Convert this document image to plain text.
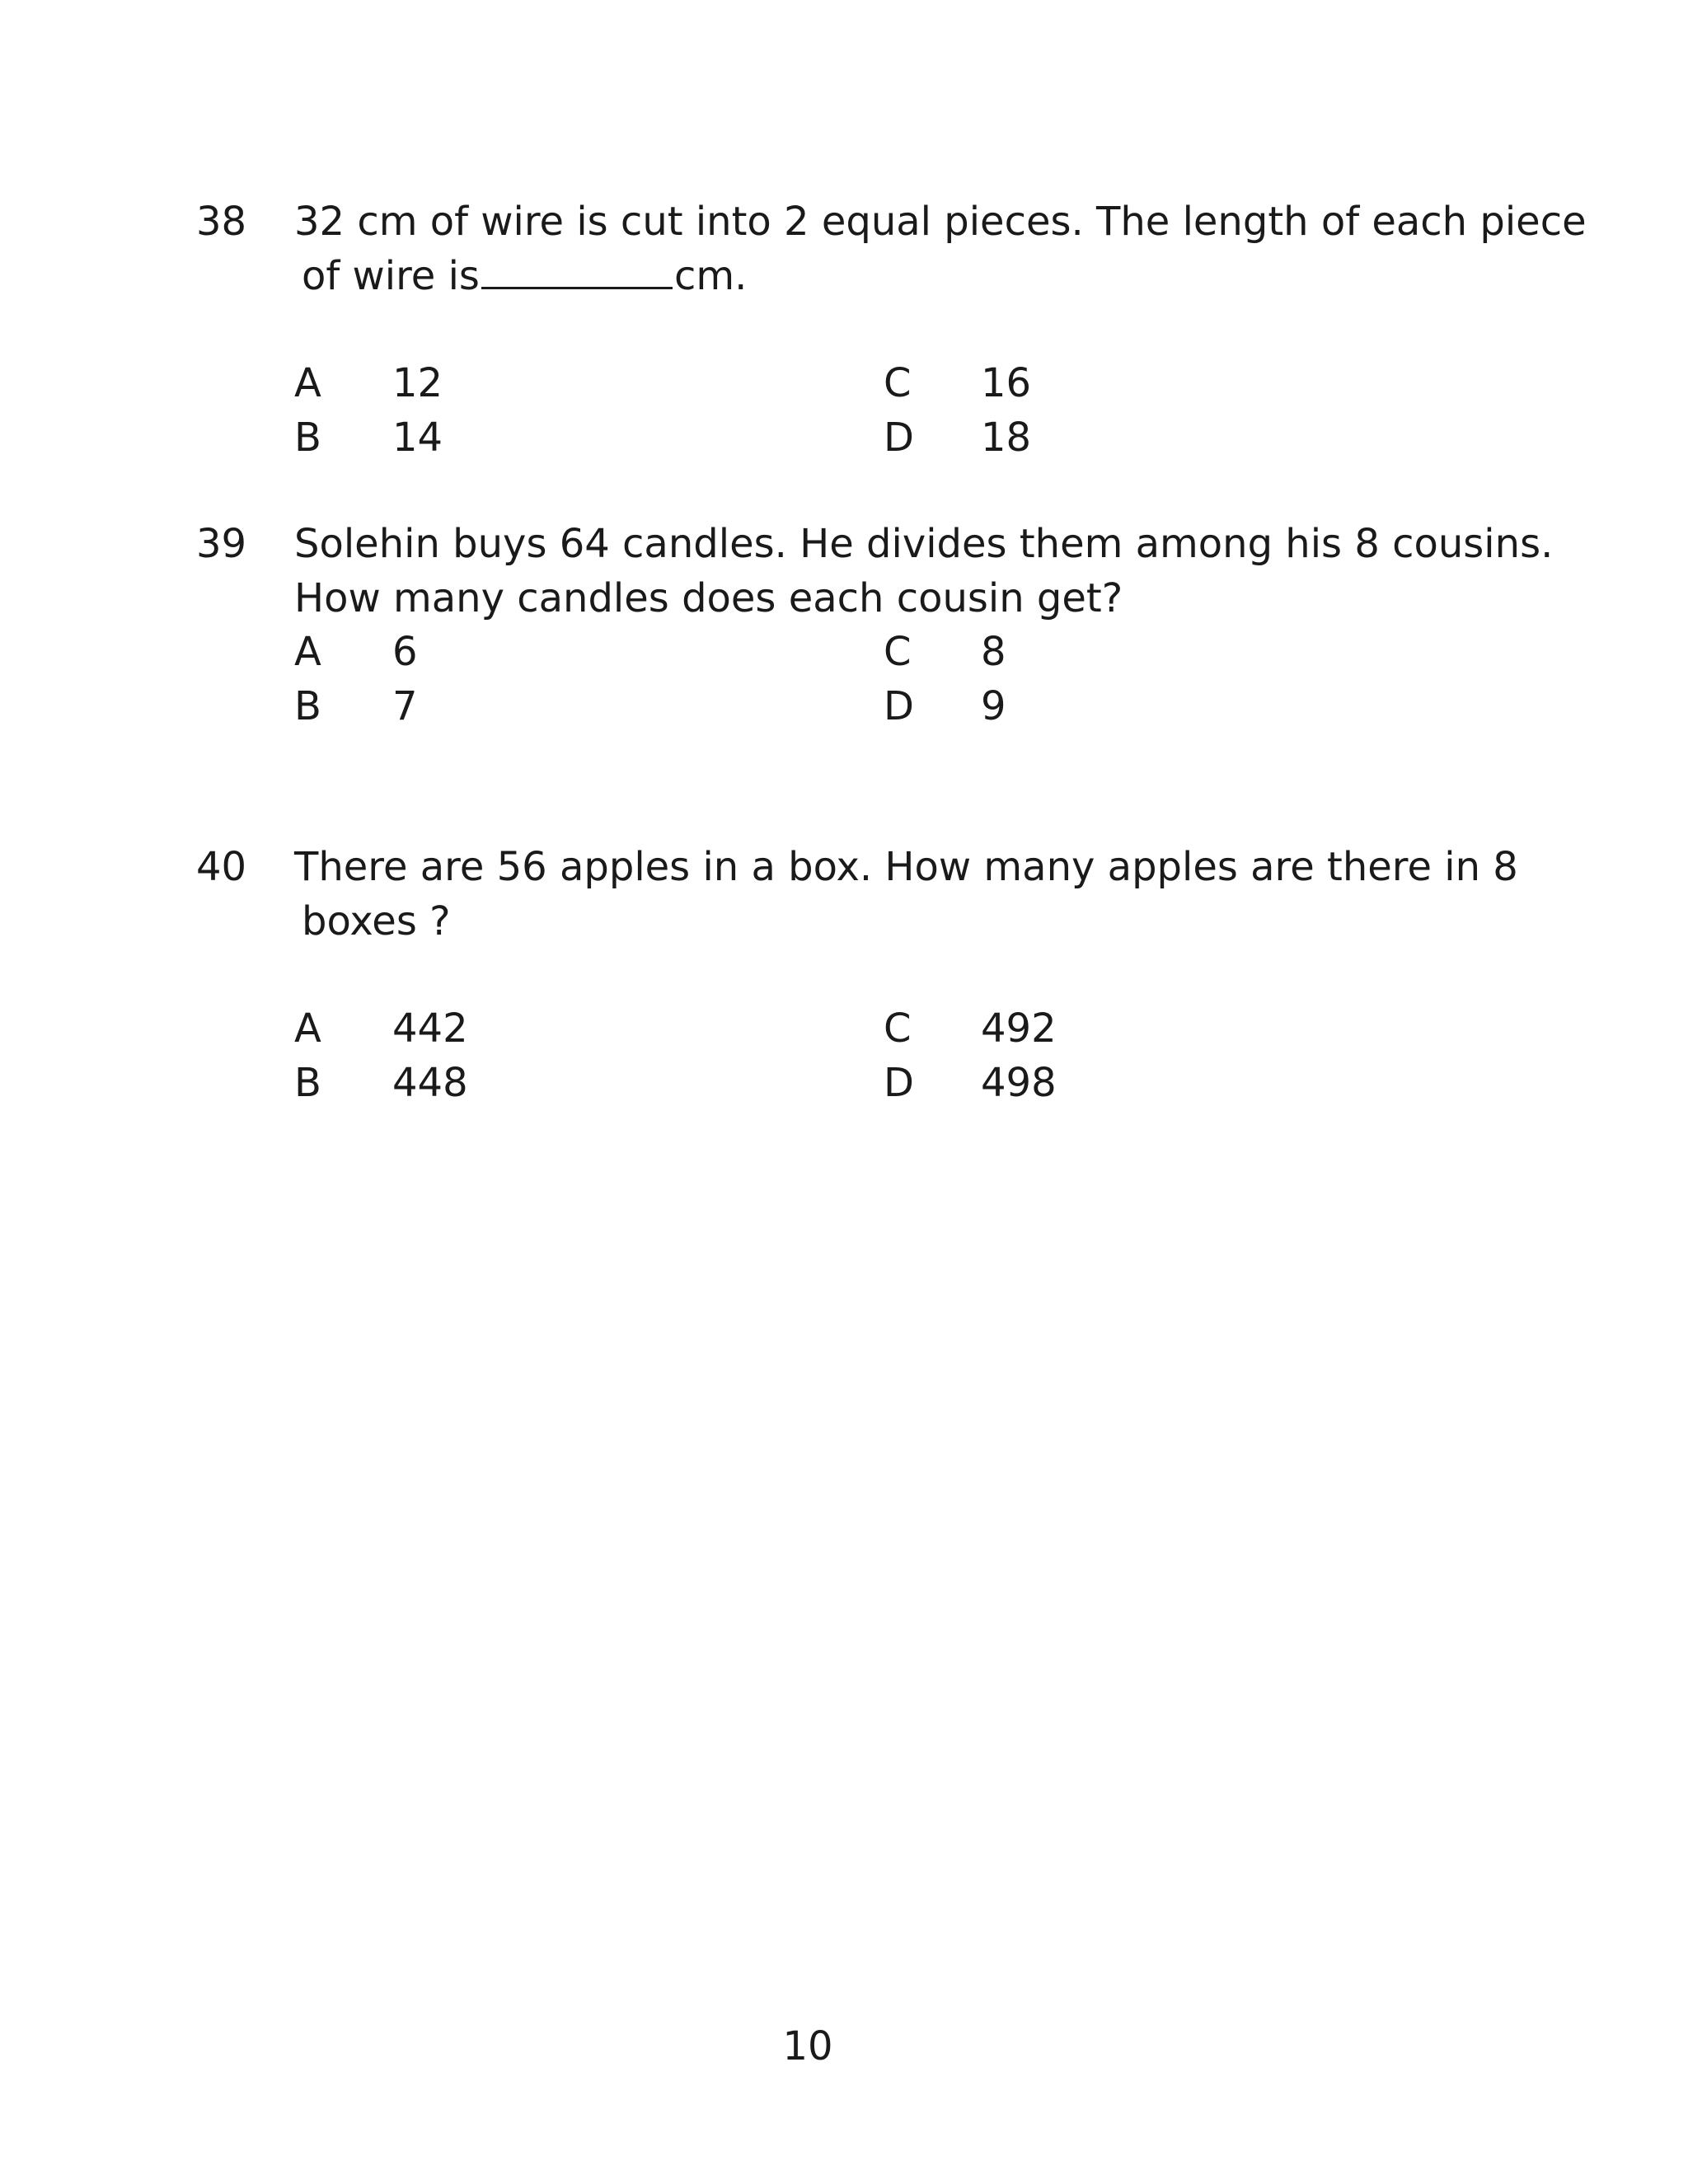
38 32 cm of wire is cut into 2 equal pieces. The length of each piece
of wire is	cm.
A 12
B 14
C 16
D 18
39 Solehin buys 64 candles. He divides them among his 8 cousins.
How many candles does each cousin get?
A 6
B 7
C 8
D 9
40 There are 56 apples in a box. How many apples are there in 8
boxes ?
A 442
B 448
C 492
D 498
10
